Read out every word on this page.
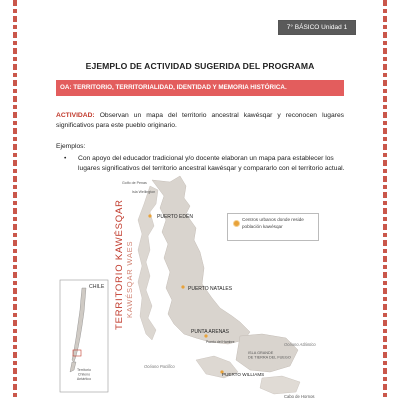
7° BÁSICO Unidad 1
EJEMPLO DE ACTIVIDAD SUGERIDA DEL PROGRAMA
OA: TERRITORIO, TERRITORIALIDAD, IDENTIDAD Y MEMORIA HISTÓRICA.
ACTIVIDAD: Observan un mapa del territorio ancestral kawésqar y reconocen lugares significativos para este pueblo originario.
Ejemplos:
• Con apoyo del educador tradicional y/o docente elaboran un mapa para establecer los lugares significativos del territorio ancestral kawésqar y compararlo con el territorio actual.
CHILE
Territorio Chileno Antártico
TERRITORIO KAWÉSQAR KAWÉSQAR WAES
Golfo de Penas
Isla Wellington
PUERTO EDÉN
PUERTO NATALES
PUNTA ARENAS
Puerto del Hambre
ISLA GRANDE DE TIERRA DEL FUEGO
PUERTO WILLIAMS
Océano Atlántico
Océano Pacífico
Cabo de Hornos
Centros urbanos donde reside población kawésqar
